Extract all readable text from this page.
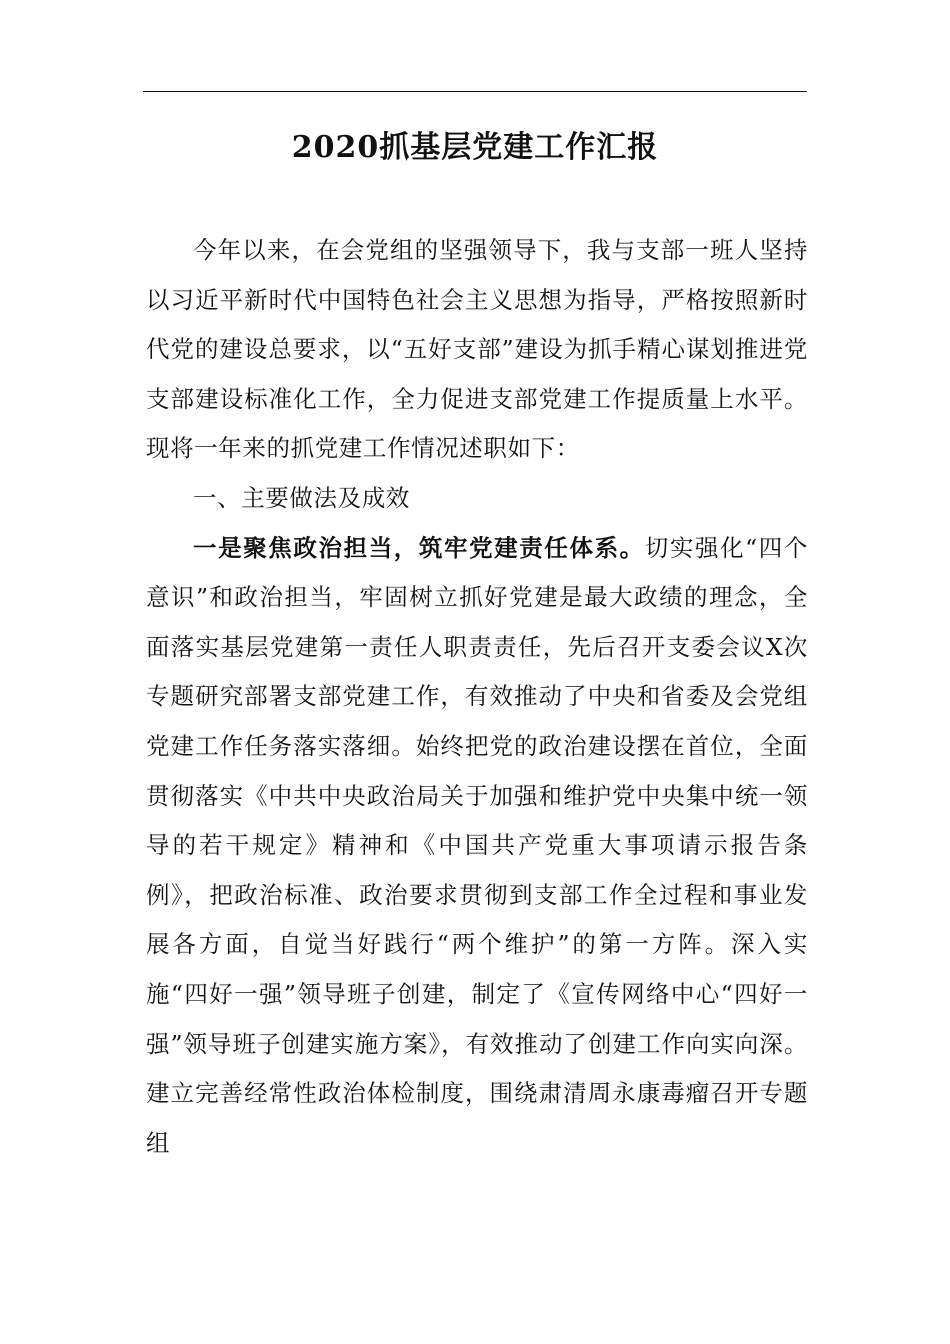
2020抓基层党建工作汇报

今年以来，在会党组的坚强领导下，我与支部一班人坚持以习近平新时代中国特色社会主义思想为指导，严格按照新时代党的建设总要求，以“五好支部”建设为抓手精心谋划推进党支部建设标准化工作，全力促进支部党建工作提质量上水平。现将一年来的抓党建工作情况述职如下：

一、主要做法及成效

一是聚焦政治担当，筑牢党建责任体系。切实强化“四个意识”和政治担当，牢固树立抓好党建是最大政绩的理念，全面落实基层党建第一责任人职责责任，先后召开支委会议X次专题研究部署支部党建工作，有效推动了中央和省委及会党组党建工作任务落实落细。始终把党的政治建设摆在首位，全面贯彻落实《中共中央政治局关于加强和维护党中央集中统一领导的若干规定》精神和《中国共产党重大事项请示报告条例》，把政治标准、政治要求贯彻到支部工作全过程和事业发展各方面，自觉当好践行“两个维护”的第一方阵。深入实施“四好一强”领导班子创建，制定了《宣传网络中心“四好一强”领导班子创建实施方案》，有效推动了创建工作向实向深。建立完善经常性政治体检制度，围绕肃清周永康毒瘤召开专题组
